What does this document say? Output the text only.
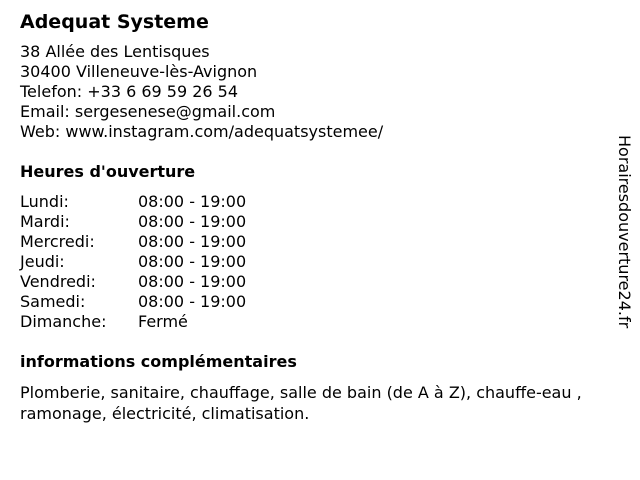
Adequat Systeme
38 Allée des Lentisques
30400 Villeneuve-lès-Avignon
Telefon: +33 6 69 59 26 54
Email: sergesenese@gmail.com
Web: www.instagram.com/adequatsystemee/
Heures d'ouverture
Lundi:	08:00 - 19:00
Mardi:	08:00 - 19:00
Mercredi:	08:00 - 19:00
Jeudi:	08:00 - 19:00
Vendredi:	08:00 - 19:00
Samedi:	08:00 - 19:00
Dimanche:	Fermé
informations complémentaires
Plomberie, sanitaire, chauffage, salle de bain (de A à Z), chauffe-eau , ramonage, électricité, climatisation.
Horairesdouverture24.fr
